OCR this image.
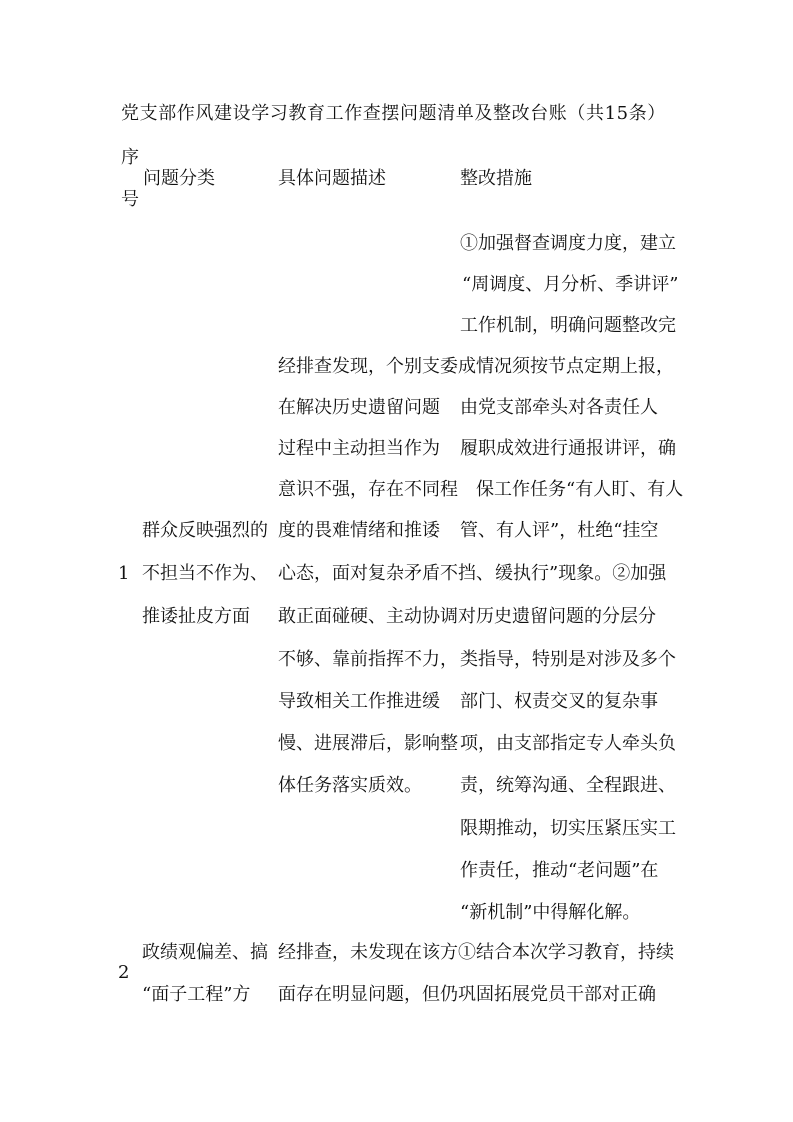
党支部作风建设学习教育工作查摆问题清单及整改台账（共15条）
序
问题分类	具体问题描述	整改措施
号
1
群众反映强烈的
不担当不作为、
推诿扯皮方面
经排查发现，个别支委成
在解决历史遗留问题
过程中主动担当作为
意识不强，存在不同程
度的畏难情绪和推诿
心态，面对复杂矛盾不挡、
敢正面碰硬、主动协调对
不够、靠前指挥不力，
导致相关工作推进缓
慢、进展滞后，影响整
体任务落实质效。
①加强督查调度力度，建立
“周调度、月分析、季讲评”
工作机制，明确问题整改完
情况须按节点定期上报，
由党支部牵头对各责任人
履职成效进行通报讲评，确
保工作任务“有人盯、有人
管、有人评”，杜绝“挂空
缓执行”现象。②加强
历史遗留问题的分层分
类指导，特别是对涉及多个
部门、权责交叉的复杂事
项，由支部指定专人牵头负
责，统筹沟通、全程跟进、
限期推动，切实压紧压实工
作责任，推动“老问题”在
“新机制”中得解化解。
2
政绩观偏差、搞
“面子工程”方
经排查，未发现在该方
面存在明显问题，但仍
①结合本次学习教育，持续
巩固拓展党员干部对正确
